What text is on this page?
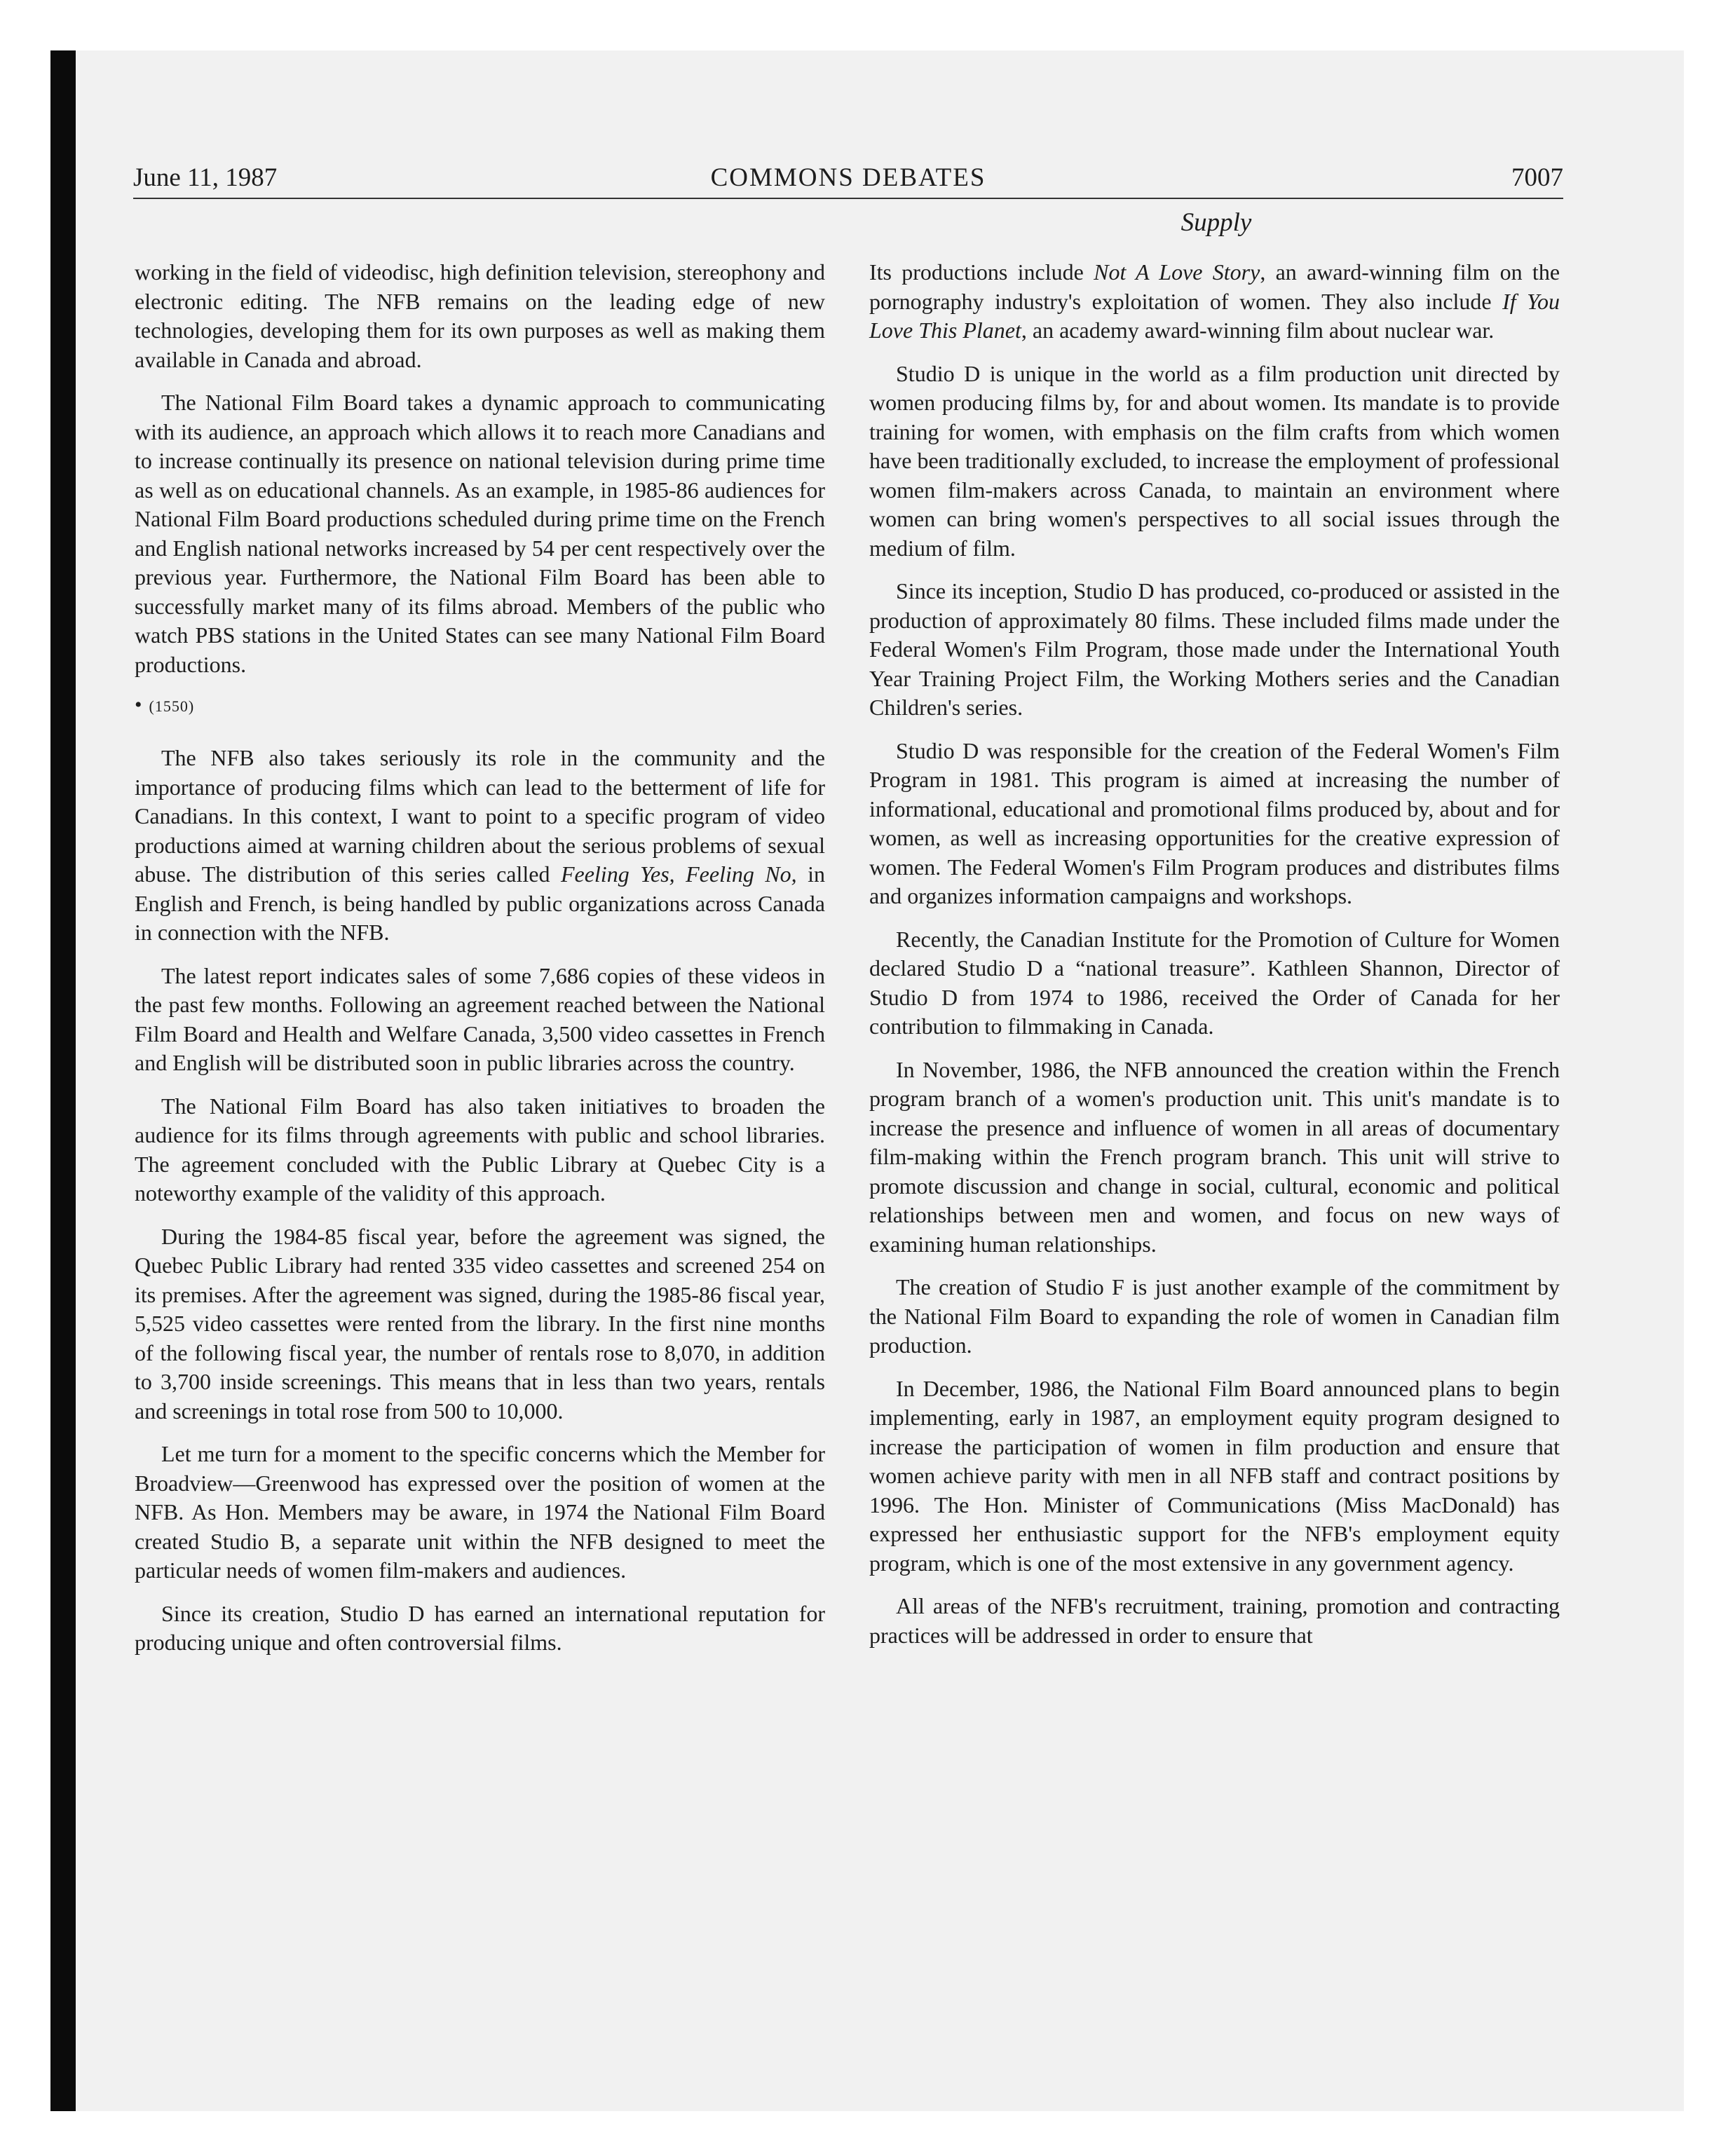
June 11, 1987	COMMONS DEBATES	7007
Supply

working in the field of videodisc, high definition television, stereophony and electronic editing. The NFB remains on the leading edge of new technologies, developing them for its own purposes as well as making them available in Canada and abroad.

The National Film Board takes a dynamic approach to communicating with its audience, an approach which allows it to reach more Canadians and to increase continually its presence on national television during prime time as well as on educational channels. As an example, in 1985-86 audiences for National Film Board productions scheduled during prime time on the French and English national networks increased by 54 per cent respectively over the previous year. Furthermore, the National Film Board has been able to successfully market many of its films abroad. Members of the public who watch PBS stations in the United States can see many National Film Board productions.

• (1550)

The NFB also takes seriously its role in the community and the importance of producing films which can lead to the betterment of life for Canadians. In this context, I want to point to a specific program of video productions aimed at warning children about the serious problems of sexual abuse. The distribution of this series called Feeling Yes, Feeling No, in English and French, is being handled by public organizations across Canada in connection with the NFB.

The latest report indicates sales of some 7,686 copies of these videos in the past few months. Following an agreement reached between the National Film Board and Health and Welfare Canada, 3,500 video cassettes in French and English will be distributed soon in public libraries across the country.

The National Film Board has also taken initiatives to broaden the audience for its films through agreements with public and school libraries. The agreement concluded with the Public Library at Quebec City is a noteworthy example of the validity of this approach.

During the 1984-85 fiscal year, before the agreement was signed, the Quebec Public Library had rented 335 video cassettes and screened 254 on its premises. After the agreement was signed, during the 1985-86 fiscal year, 5,525 video cassettes were rented from the library. In the first nine months of the following fiscal year, the number of rentals rose to 8,070, in addition to 3,700 inside screenings. This means that in less than two years, rentals and screenings in total rose from 500 to 10,000.

Let me turn for a moment to the specific concerns which the Member for Broadview—Greenwood has expressed over the position of women at the NFB. As Hon. Members may be aware, in 1974 the National Film Board created Studio B, a separate unit within the NFB designed to meet the particular needs of women film-makers and audiences.

Since its creation, Studio D has earned an international reputation for producing unique and often controversial films.

Its productions include Not A Love Story, an award-winning film on the pornography industry's exploitation of women. They also include If You Love This Planet, an academy award-winning film about nuclear war.

Studio D is unique in the world as a film production unit directed by women producing films by, for and about women. Its mandate is to provide training for women, with emphasis on the film crafts from which women have been traditionally excluded, to increase the employment of professional women film-makers across Canada, to maintain an environment where women can bring women's perspectives to all social issues through the medium of film.

Since its inception, Studio D has produced, co-produced or assisted in the production of approximately 80 films. These included films made under the Federal Women's Film Program, those made under the International Youth Year Training Project Film, the Working Mothers series and the Canadian Children's series.

Studio D was responsible for the creation of the Federal Women's Film Program in 1981. This program is aimed at increasing the number of informational, educational and promotional films produced by, about and for women, as well as increasing opportunities for the creative expression of women. The Federal Women's Film Program produces and distributes films and organizes information campaigns and workshops.

Recently, the Canadian Institute for the Promotion of Culture for Women declared Studio D a “national treasure”. Kathleen Shannon, Director of Studio D from 1974 to 1986, received the Order of Canada for her contribution to filmmaking in Canada.

In November, 1986, the NFB announced the creation within the French program branch of a women's production unit. This unit's mandate is to increase the presence and influence of women in all areas of documentary film-making within the French program branch. This unit will strive to promote discussion and change in social, cultural, economic and political relationships between men and women, and focus on new ways of examining human relationships.

The creation of Studio F is just another example of the commitment by the National Film Board to expanding the role of women in Canadian film production.

In December, 1986, the National Film Board announced plans to begin implementing, early in 1987, an employment equity program designed to increase the participation of women in film production and ensure that women achieve parity with men in all NFB staff and contract positions by 1996. The Hon. Minister of Communications (Miss MacDonald) has expressed her enthusiastic support for the NFB's employment equity program, which is one of the most extensive in any government agency.

All areas of the NFB's recruitment, training, promotion and contracting practices will be addressed in order to ensure that
